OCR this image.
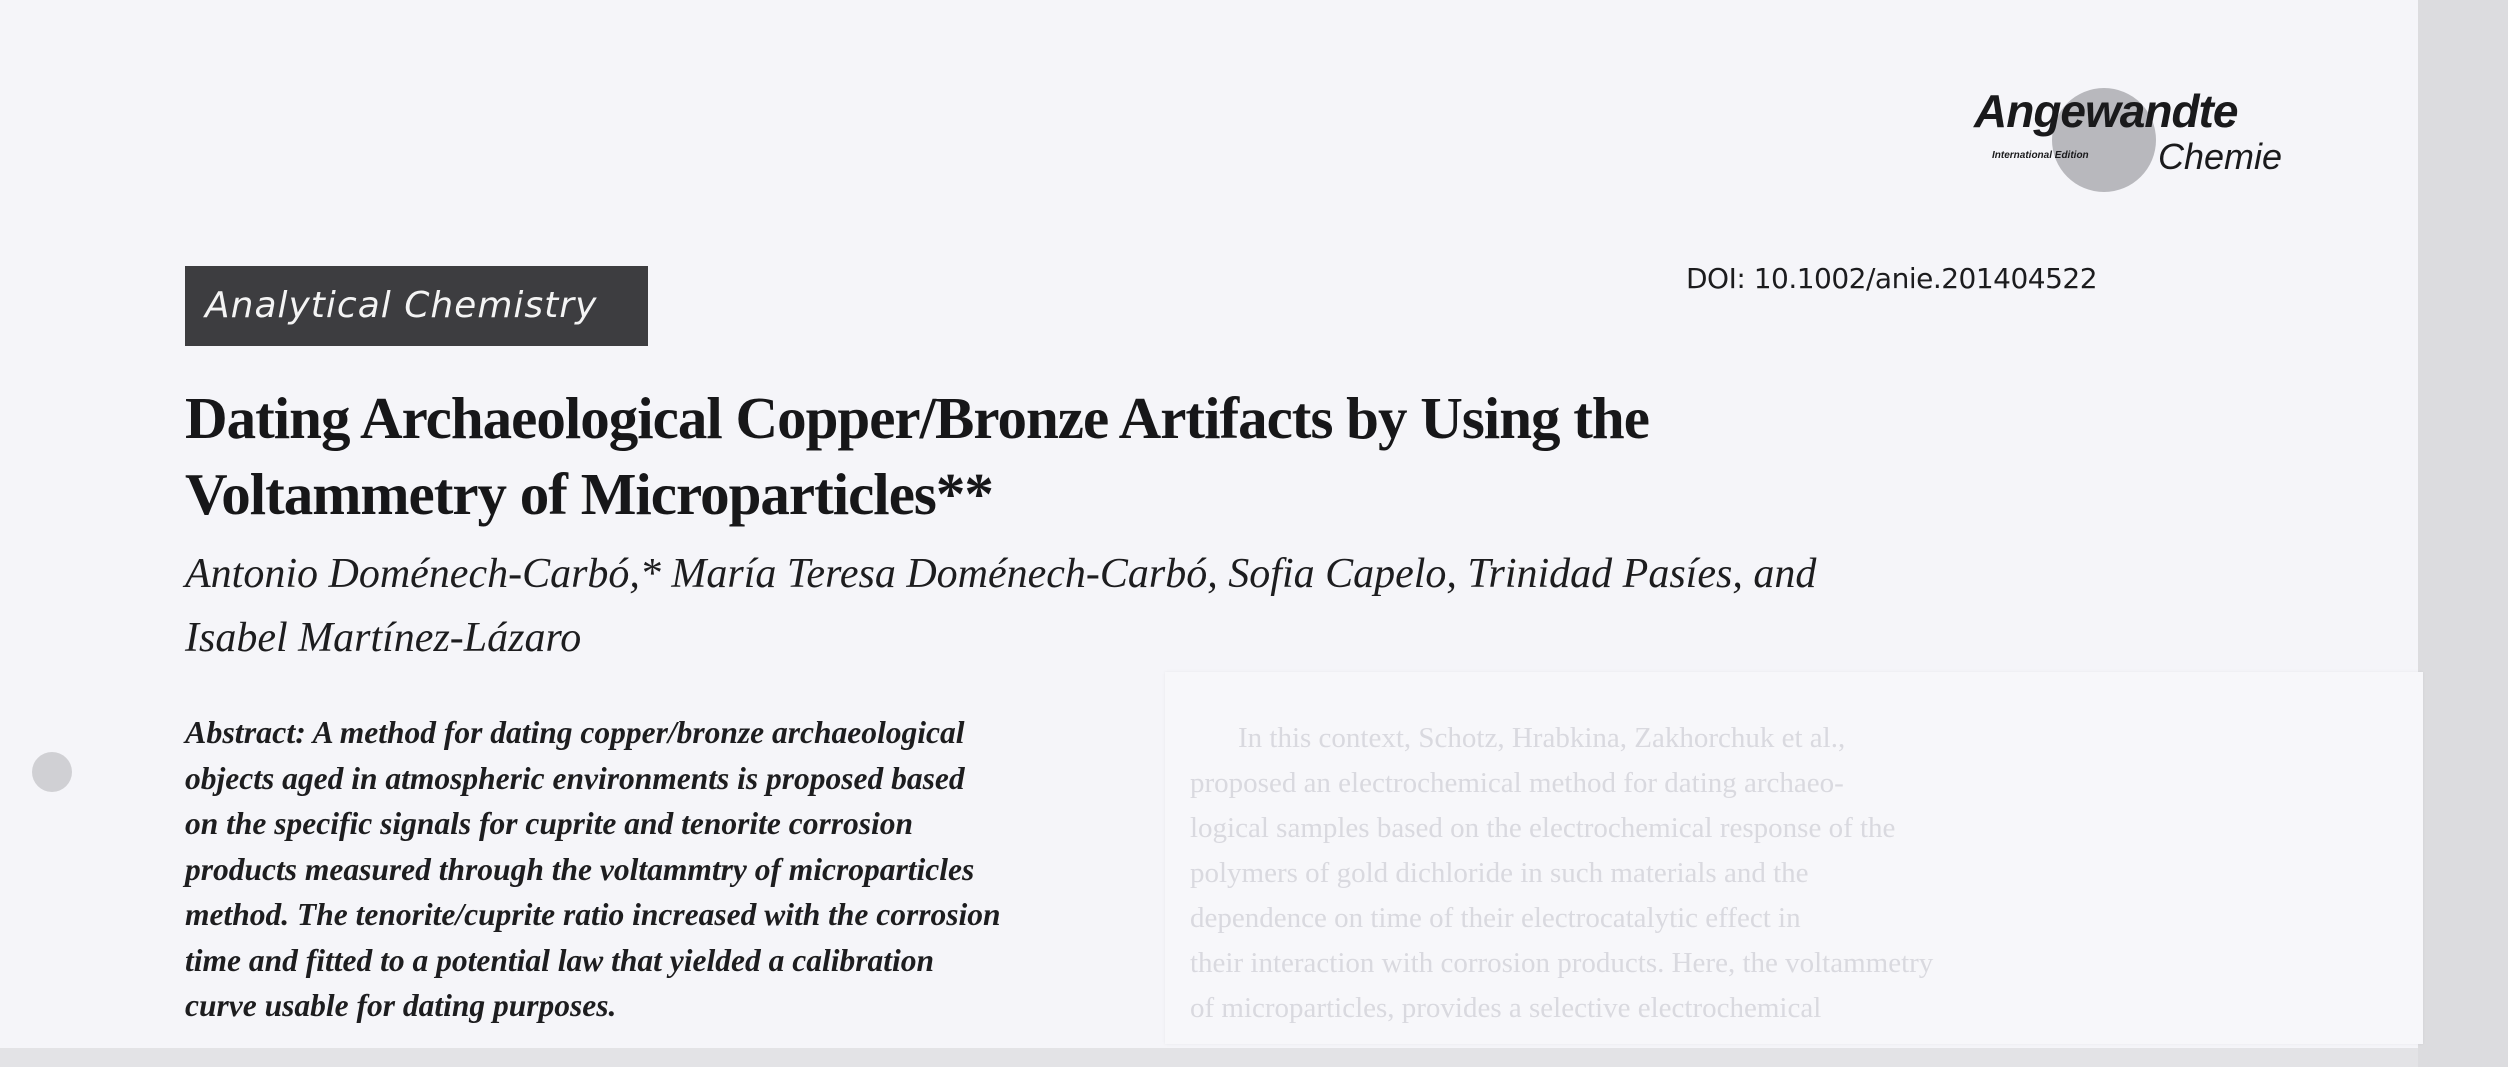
Angewandte
International Edition Chemie
Analytical Chemistry
DOI: 10.1002/anie.201404522
Dating Archaeological Copper/Bronze Artifacts by Using the
Voltammetry of Microparticles**
Antonio Doménech-Carbó,* María Teresa Doménech-Carbó, Sofia Capelo, Trinidad Pasíes, and
Isabel Martínez-Lázaro
Abstract: A method for dating copper/bronze archaeological
objects aged in atmospheric environments is proposed based
on the specific signals for cuprite and tenorite corrosion
products measured through the voltammtry of microparticles
method. The tenorite/cuprite ratio increased with the corrosion
time and fitted to a potential law that yielded a calibration
curve usable for dating purposes.
In this context, Schotz, Hrabkina, Zakhorchuk et al.,
proposed an electrochemical method for dating archaeo-
logical samples based on the electrochemical response of the
polymers of gold dichloride in such materials and the
dependence on time of their electrocatalytic effect in
their interaction with corrosion products. Here, the voltammetry
of microparticles, provides a selective electrochemical
